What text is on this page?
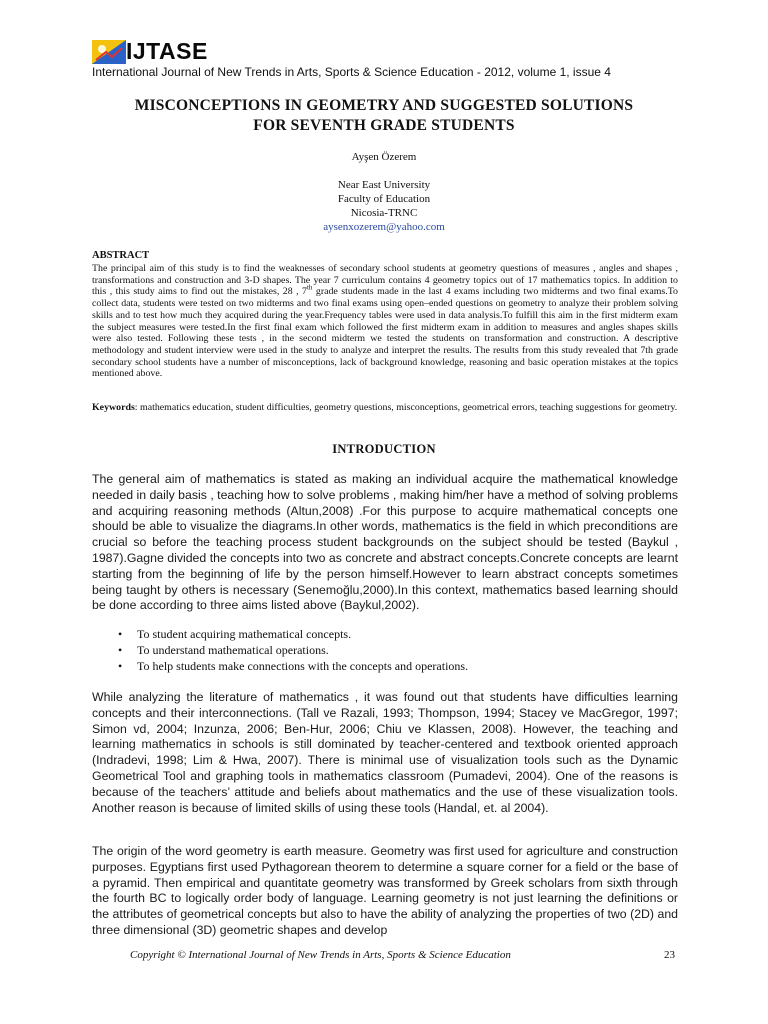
IJTASE
International Journal of New Trends in Arts, Sports & Science Education - 2012, volume 1, issue 4
MISCONCEPTIONS IN GEOMETRY AND SUGGESTED SOLUTIONS
FOR SEVENTH GRADE STUDENTS
Ayşen Özerem
Near East University
Faculty of Education
Nicosia-TRNC
aysenxozerem@yahoo.com
ABSTRACT
The principal aim of this study is to find the weaknesses of secondary school students at geometry questions of measures , angles and shapes , transformations and construction and 3-D shapes. The year 7 curriculum contains 4 geometry topics out of 17 mathematics topics. In addition to this , this study aims to find out the mistakes, 28 , 7th grade students made in the last 4 exams including two midterms and two final exams.To collect data, students were tested on two midterms and two final exams using open–ended questions on geometry to analyze their problem solving skills and to test how much they acquired during the year.Frequency tables were used in data analysis.To fulfill this aim in the first midterm exam the subject measures were tested.In the first final exam which followed the first midterm exam in addition to measures and angles shapes skills were also tested. Following these tests , in the second midterm we tested the students on transformation and construction. A descriptive methodology and student interview were used in the study to analyze and interpret the results. The results from this study revealed that 7th grade secondary school students have a number of misconceptions, lack of background knowledge, reasoning and basic operation mistakes at the topics mentioned above.
Keywords: mathematics education, student difficulties, geometry questions, misconceptions, geometrical errors, teaching suggestions for geometry.
INTRODUCTION
The general aim of mathematics is stated as making an individual acquire the mathematical knowledge needed in daily basis , teaching how to solve problems , making him/her have a method of solving problems and acquiring reasoning methods (Altun,2008) .For this purpose to acquire mathematical concepts one should be able to visualize the diagrams.In other words, mathematics is the field in which preconditions are crucial so before the teaching process student backgrounds on the subject should be tested (Baykul , 1987).Gagne divided the concepts into two as concrete and abstract concepts.Concrete concepts are learnt starting from the beginning of life by the person himself.However to learn abstract concepts sometimes being taught by others is necessary (Senemoğlu,2000).In this context, mathematics based learning should be done according to three aims listed above (Baykul,2002).
• To student acquiring mathematical concepts.
• To understand mathematical operations.
• To help students make connections with the concepts and operations.
While analyzing the literature of mathematics , it was found out that students have difficulties learning concepts and their interconnections. (Tall ve Razali, 1993; Thompson, 1994; Stacey ve MacGregor, 1997; Simon vd, 2004; Inzunza, 2006; Ben-Hur, 2006; Chiu ve Klassen, 2008). However, the teaching and learning mathematics in schools is still dominated by teacher-centered and textbook oriented approach (Indradevi, 1998; Lim & Hwa, 2007). There is minimal use of visualization tools such as the Dynamic Geometrical Tool and graphing tools in mathematics classroom (Pumadevi, 2004). One of the reasons is because of the teachers’ attitude and beliefs about mathematics and the use of these visualization tools. Another reason is because of limited skills of using these tools (Handal, et. al 2004).
The origin of the word geometry is earth measure. Geometry was first used for agriculture and construction purposes. Egyptians first used Pythagorean theorem to determine a square corner for a field or the base of a pyramid. Then empirical and quantitate geometry was transformed by Greek scholars from sixth through the fourth BC to logically order body of language. Learning geometry is not just learning the definitions or the attributes of geometrical concepts but also to have the ability of analyzing the properties of two (2D) and three dimensional (3D) geometric shapes and develop
Copyright © International Journal of New Trends in Arts, Sports & Science Education	23
